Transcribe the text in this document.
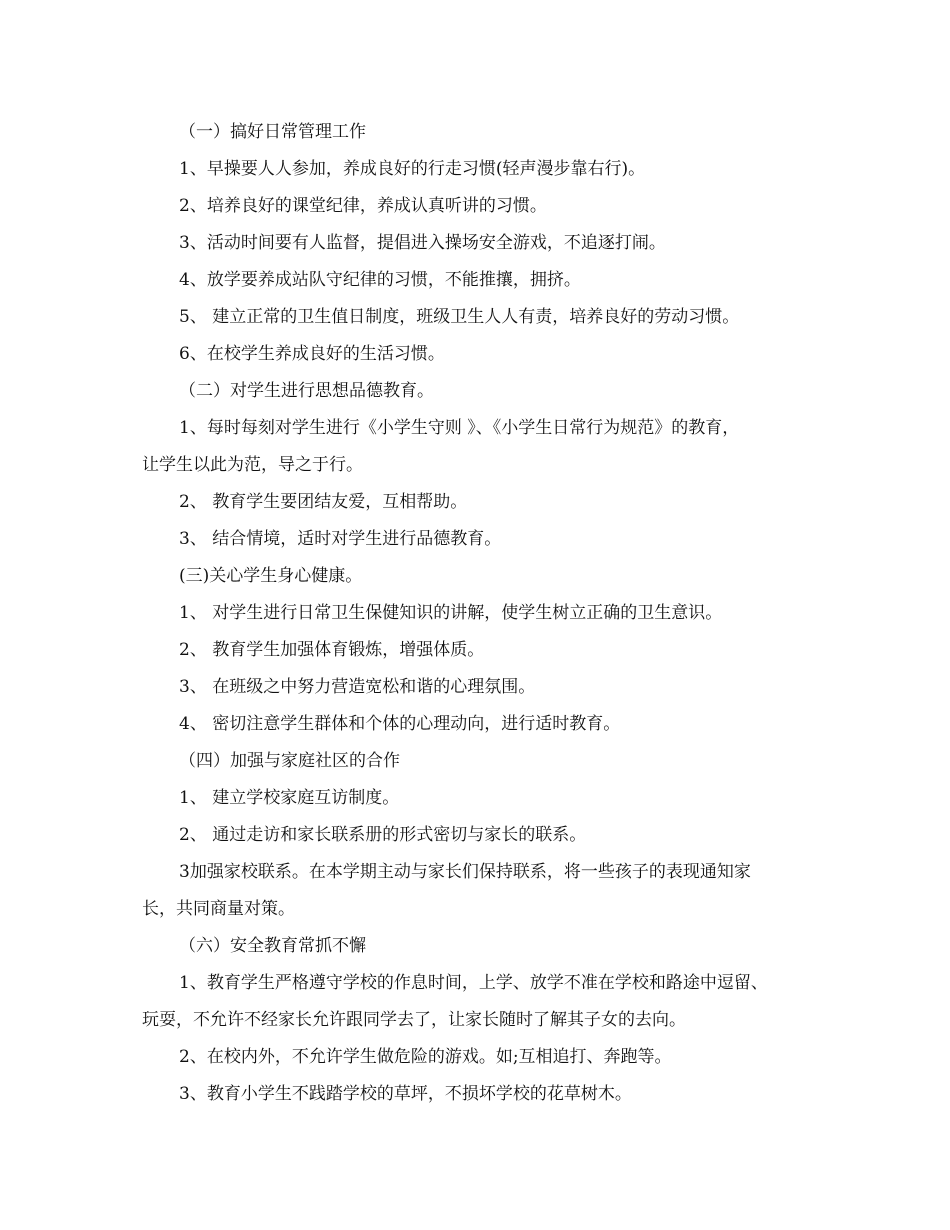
（一）搞好日常管理工作
1、早操要人人参加，养成良好的行走习惯(轻声漫步靠右行)。
2、培养良好的课堂纪律，养成认真听讲的习惯。
3、活动时间要有人监督，提倡进入操场安全游戏，不追逐打闹。
4、放学要养成站队守纪律的习惯，不能推攘，拥挤。
5、 建立正常的卫生值日制度，班级卫生人人有责，培养良好的劳动习惯。
6、在校学生养成良好的生活习惯。
（二）对学生进行思想品德教育。
1、每时每刻对学生进行《小学生守则 》、《小学生日常行为规范》的教育，
让学生以此为范，导之于行。
2、 教育学生要团结友爱，互相帮助。
3、 结合情境，适时对学生进行品德教育。
(三)关心学生身心健康。
1、 对学生进行日常卫生保健知识的讲解，使学生树立正确的卫生意识。
2、 教育学生加强体育锻炼，增强体质。
3、 在班级之中努力营造宽松和谐的心理氛围。
4、 密切注意学生群体和个体的心理动向，进行适时教育。
（四）加强与家庭社区的合作
1、 建立学校家庭互访制度。
2、 通过走访和家长联系册的形式密切与家长的联系。
3加强家校联系。在本学期主动与家长们保持联系，将一些孩子的表现通知家
长，共同商量对策。
（六）安全教育常抓不懈
1、教育学生严格遵守学校的作息时间，上学、放学不准在学校和路途中逗留、
玩耍，不允许不经家长允许跟同学去了，让家长随时了解其子女的去向。
2、在校内外，不允许学生做危险的游戏。如;互相追打、奔跑等。
3、教育小学生不践踏学校的草坪，不损坏学校的花草树木。
